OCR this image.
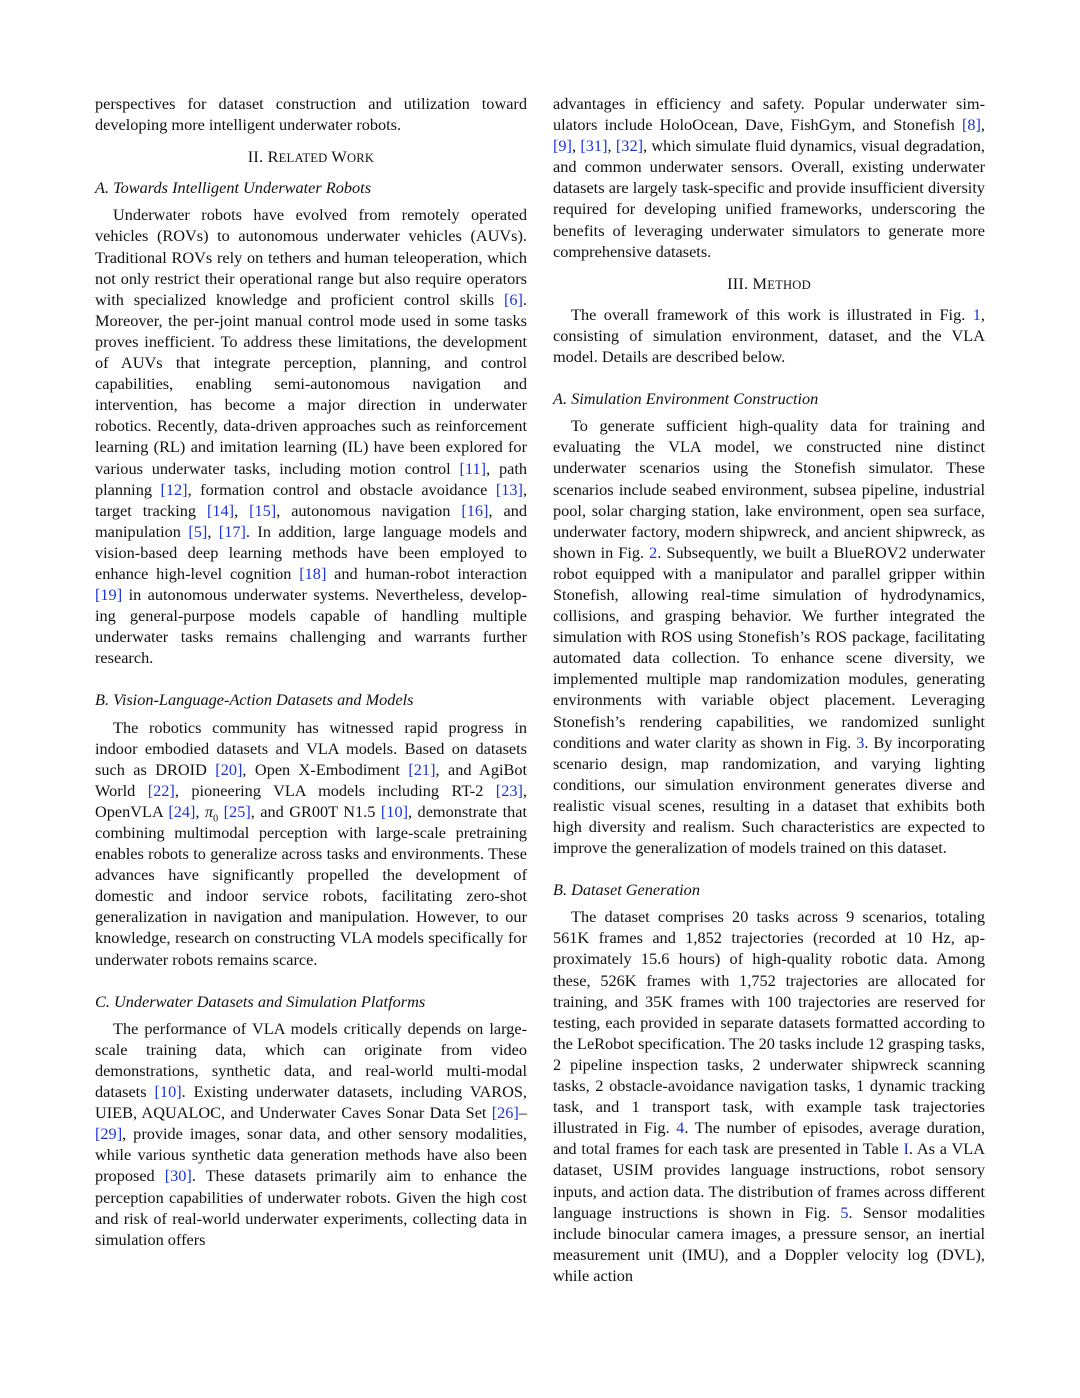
perspectives for dataset construction and utilization toward developing more intelligent underwater robots.

II. RELATED WORK
A. Towards Intelligent Underwater Robots

Underwater robots have evolved from remotely operated vehicles (ROVs) to autonomous underwater vehicles (AUVs). Traditional ROVs rely on tethers and human teleoperation, which not only restrict their operational range but also require operators with specialized knowledge and proficient control skills [6]. Moreover, the per-joint manual control mode used in some tasks proves inefficient. To address these limitations, the development of AUVs that integrate perception, planning, and control capabilities, enabling semi-autonomous navigation and intervention, has become a major direction in underwater robotics. Recently, data-driven approaches such as reinforcement learning (RL) and imitation learning (IL) have been explored for various underwater tasks, including motion control [11], path planning [12], formation control and obstacle avoidance [13], target tracking [14], [15], autonomous navigation [16], and manipulation [5], [17]. In addition, large language models and vision-based deep learning methods have been employed to enhance high-level cognition [18] and human-robot interaction [19] in autonomous underwater systems. Nevertheless, developing general-purpose models capable of handling multiple underwater tasks remains challenging and warrants further research.

B. Vision-Language-Action Datasets and Models

The robotics community has witnessed rapid progress in indoor embodied datasets and VLA models. Based on datasets such as DROID [20], Open X-Embodiment [21], and AgiBot World [22], pioneering VLA models including RT-2 [23], OpenVLA [24], $\pi_0$ [25], and GR00T N1.5 [10], demonstrate that combining multimodal perception with large-scale pretraining enables robots to generalize across tasks and environments. These advances have significantly propelled the development of domestic and indoor service robots, facilitating zero-shot generalization in navigation and manipulation. However, to our knowledge, research on constructing VLA models specifically for underwater robots remains scarce.

C. Underwater Datasets and Simulation Platforms

The performance of VLA models critically depends on large-scale training data, which can originate from video demonstrations, synthetic data, and real-world multi-modal datasets [10]. Existing underwater datasets, including VAROS, UIEB, AQUALOC, and Underwater Caves Sonar Data Set [26]–[29], provide images, sonar data, and other sensory modalities, while various synthetic data generation methods have also been proposed [30]. These datasets primarily aim to enhance the perception capabilities of underwater robots. Given the high cost and risk of real-world underwater experiments, collecting data in simulation offers

advantages in efficiency and safety. Popular underwater simulators include HoloOcean, Dave, FishGym, and Stonefish [8], [9], [31], [32], which simulate fluid dynamics, visual degradation, and common underwater sensors. Overall, existing underwater datasets are largely task-specific and provide insufficient diversity required for developing unified frameworks, underscoring the benefits of leveraging underwater simulators to generate more comprehensive datasets.

III. METHOD

The overall framework of this work is illustrated in Fig. 1, consisting of simulation environment, dataset, and the VLA model. Details are described below.

A. Simulation Environment Construction

To generate sufficient high-quality data for training and evaluating the VLA model, we constructed nine distinct underwater scenarios using the Stonefish simulator. These scenarios include seabed environment, subsea pipeline, industrial pool, solar charging station, lake environment, open sea surface, underwater factory, modern shipwreck, and ancient shipwreck, as shown in Fig. 2. Subsequently, we built a BlueROV2 underwater robot equipped with a manipulator and parallel gripper within Stonefish, allowing real-time simulation of hydrodynamics, collisions, and grasping behavior. We further integrated the simulation with ROS using Stonefish’s ROS package, facilitating automated data collection. To enhance scene diversity, we implemented multiple map randomization modules, generating environments with variable object placement. Leveraging Stonefish’s rendering capabilities, we randomized sunlight conditions and water clarity as shown in Fig. 3. By incorporating scenario design, map randomization, and varying lighting conditions, our simulation environment generates diverse and realistic visual scenes, resulting in a dataset that exhibits both high diversity and realism. Such characteristics are expected to improve the generalization of models trained on this dataset.

B. Dataset Generation

The dataset comprises 20 tasks across 9 scenarios, totaling 561K frames and 1,852 trajectories (recorded at 10 Hz, approximately 15.6 hours) of high-quality robotic data. Among these, 526K frames with 1,752 trajectories are allocated for training, and 35K frames with 100 trajectories are reserved for testing, each provided in separate datasets formatted according to the LeRobot specification. The 20 tasks include 12 grasping tasks, 2 pipeline inspection tasks, 2 underwater shipwreck scanning tasks, 2 obstacle-avoidance navigation tasks, 1 dynamic tracking task, and 1 transport task, with example task trajectories illustrated in Fig. 4. The number of episodes, average duration, and total frames for each task are presented in Table I. As a VLA dataset, USIM provides language instructions, robot sensory inputs, and action data. The distribution of frames across different language instructions is shown in Fig. 5. Sensor modalities include binocular camera images, a pressure sensor, an inertial measurement unit (IMU), and a Doppler velocity log (DVL), while action
